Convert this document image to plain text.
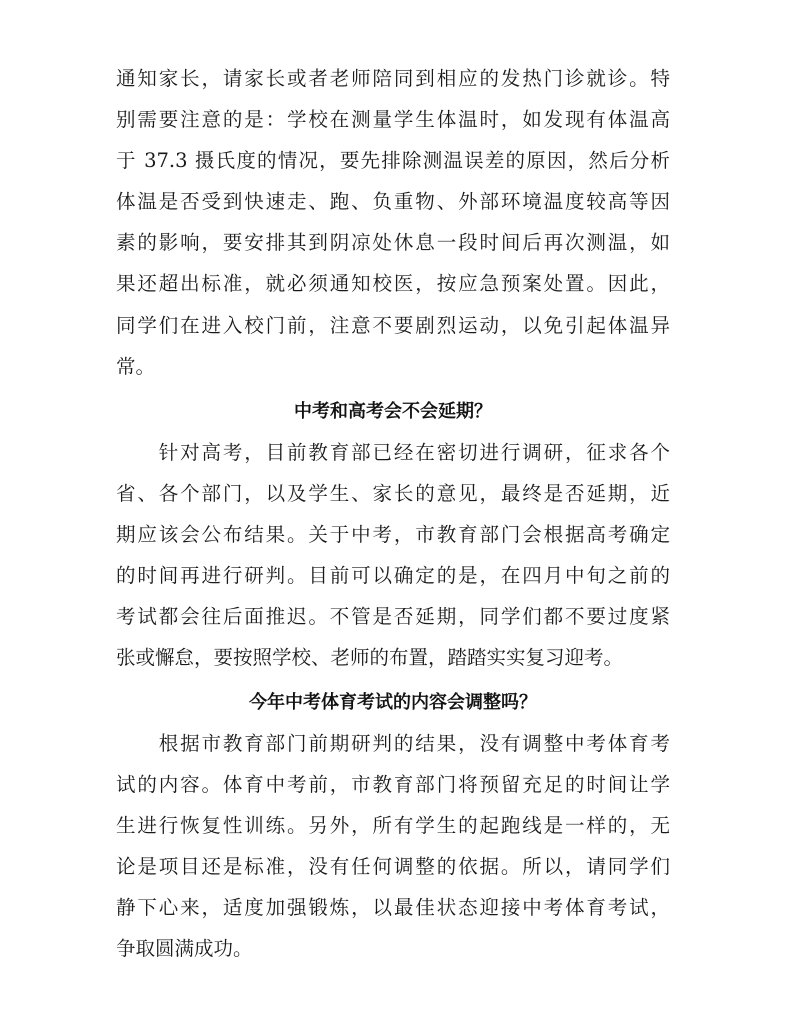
通知家长，请家长或者老师陪同到相应的发热门诊就诊。特
别需要注意的是：学校在测量学生体温时，如发现有体温高
于 37.3 摄氏度的情况，要先排除测温误差的原因，然后分析
体温是否受到快速走、跑、负重物、外部环境温度较高等因
素的影响，要安排其到阴凉处休息一段时间后再次测温，如
果还超出标准，就必须通知校医，按应急预案处置。因此，
同学们在进入校门前，注意不要剧烈运动，以免引起体温异
常。
中考和高考会不会延期？
　　针对高考，目前教育部已经在密切进行调研，征求各个
省、各个部门，以及学生、家长的意见，最终是否延期，近
期应该会公布结果。关于中考，市教育部门会根据高考确定
的时间再进行研判。目前可以确定的是，在四月中旬之前的
考试都会往后面推迟。不管是否延期，同学们都不要过度紧
张或懈怠，要按照学校、老师的布置，踏踏实实复习迎考。
今年中考体育考试的内容会调整吗？
　　根据市教育部门前期研判的结果，没有调整中考体育考
试的内容。体育中考前，市教育部门将预留充足的时间让学
生进行恢复性训练。另外，所有学生的起跑线是一样的，无
论是项目还是标准，没有任何调整的依据。所以，请同学们
静下心来，适度加强锻炼，以最佳状态迎接中考体育考试，
争取圆满成功。
